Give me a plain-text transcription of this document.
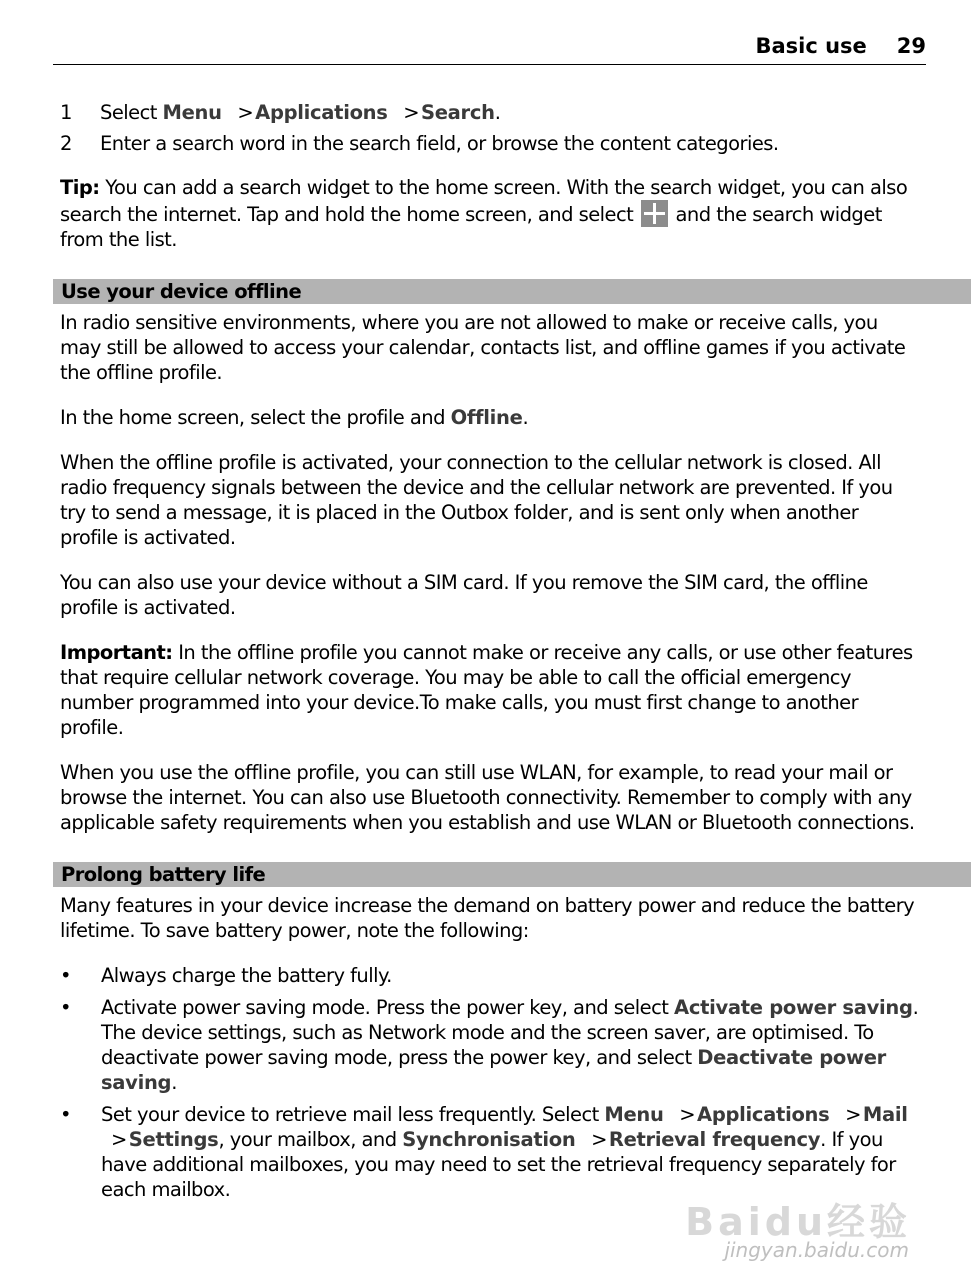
Basic use 29
1	Select Menu > Applications > Search.
2	Enter a search word in the search field, or browse the content categories.

Tip: You can add a search widget to the home screen. With the search widget, you can also search the internet. Tap and hold the home screen, and select and the search widget from the list.

Use your device offline

In radio sensitive environments, where you are not allowed to make or receive calls, you may still be allowed to access your calendar, contacts list, and offline games if you activate the offline profile.

In the home screen, select the profile and Offline.

When the offline profile is activated, your connection to the cellular network is closed. All radio frequency signals between the device and the cellular network are prevented. If you try to send a message, it is placed in the Outbox folder, and is sent only when another profile is activated.

You can also use your device without a SIM card. If you remove the SIM card, the offline profile is activated.

Important: In the offline profile you cannot make or receive any calls, or use other features that require cellular network coverage. You may be able to call the official emergency number programmed into your device.To make calls, you must first change to another profile.

When you use the offline profile, you can still use WLAN, for example, to read your mail or browse the internet. You can also use Bluetooth connectivity. Remember to comply with any applicable safety requirements when you establish and use WLAN or Bluetooth connections.

Prolong battery life

Many features in your device increase the demand on battery power and reduce the battery lifetime. To save battery power, note the following:

• Always charge the battery fully.
• Activate power saving mode. Press the power key, and select Activate power saving. The device settings, such as Network mode and the screen saver, are optimised. To deactivate power saving mode, press the power key, and select Deactivate power saving.
• Set your device to retrieve mail less frequently. Select Menu > Applications > Mail > Settings, your mailbox, and Synchronisation > Retrieval frequency. If you have additional mailboxes, you may need to set the retrieval frequency separately for each mailbox.
Baidu经验
jingyan.baidu.com
